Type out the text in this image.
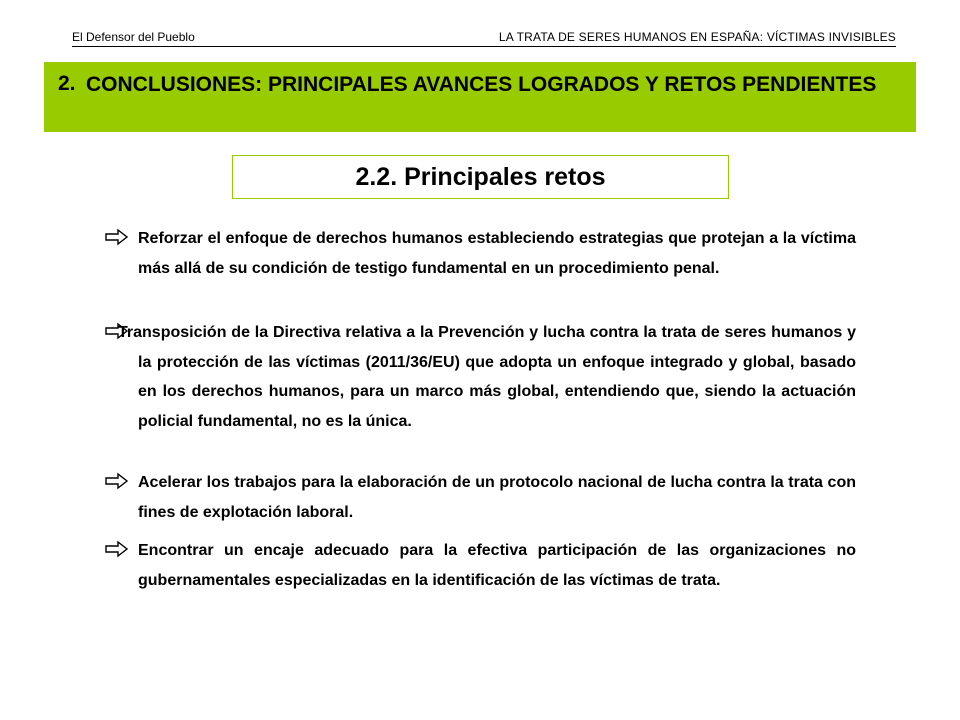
El Defensor del Pueblo	LA TRATA DE SERES HUMANOS EN ESPAÑA: VÍCTIMAS INVISIBLES
2. CONCLUSIONES: PRINCIPALES AVANCES LOGRADOS Y RETOS PENDIENTES
2.2. Principales retos
Reforzar el enfoque de derechos humanos estableciendo estrategias que protejan a la víctima más allá de su condición de testigo fundamental en un procedimiento penal.
Transposición de la Directiva relativa a la Prevención y lucha contra la trata de seres humanos y la protección de las víctimas (2011/36/EU) que adopta un enfoque integrado y global, basado en los derechos humanos, para un marco más global, entendiendo que, siendo la actuación policial fundamental, no es la única.
Acelerar los trabajos para la elaboración de un protocolo nacional de lucha contra la trata con fines de explotación laboral.
Encontrar un encaje adecuado para la efectiva participación de las organizaciones no gubernamentales especializadas en la identificación de las víctimas de trata.
